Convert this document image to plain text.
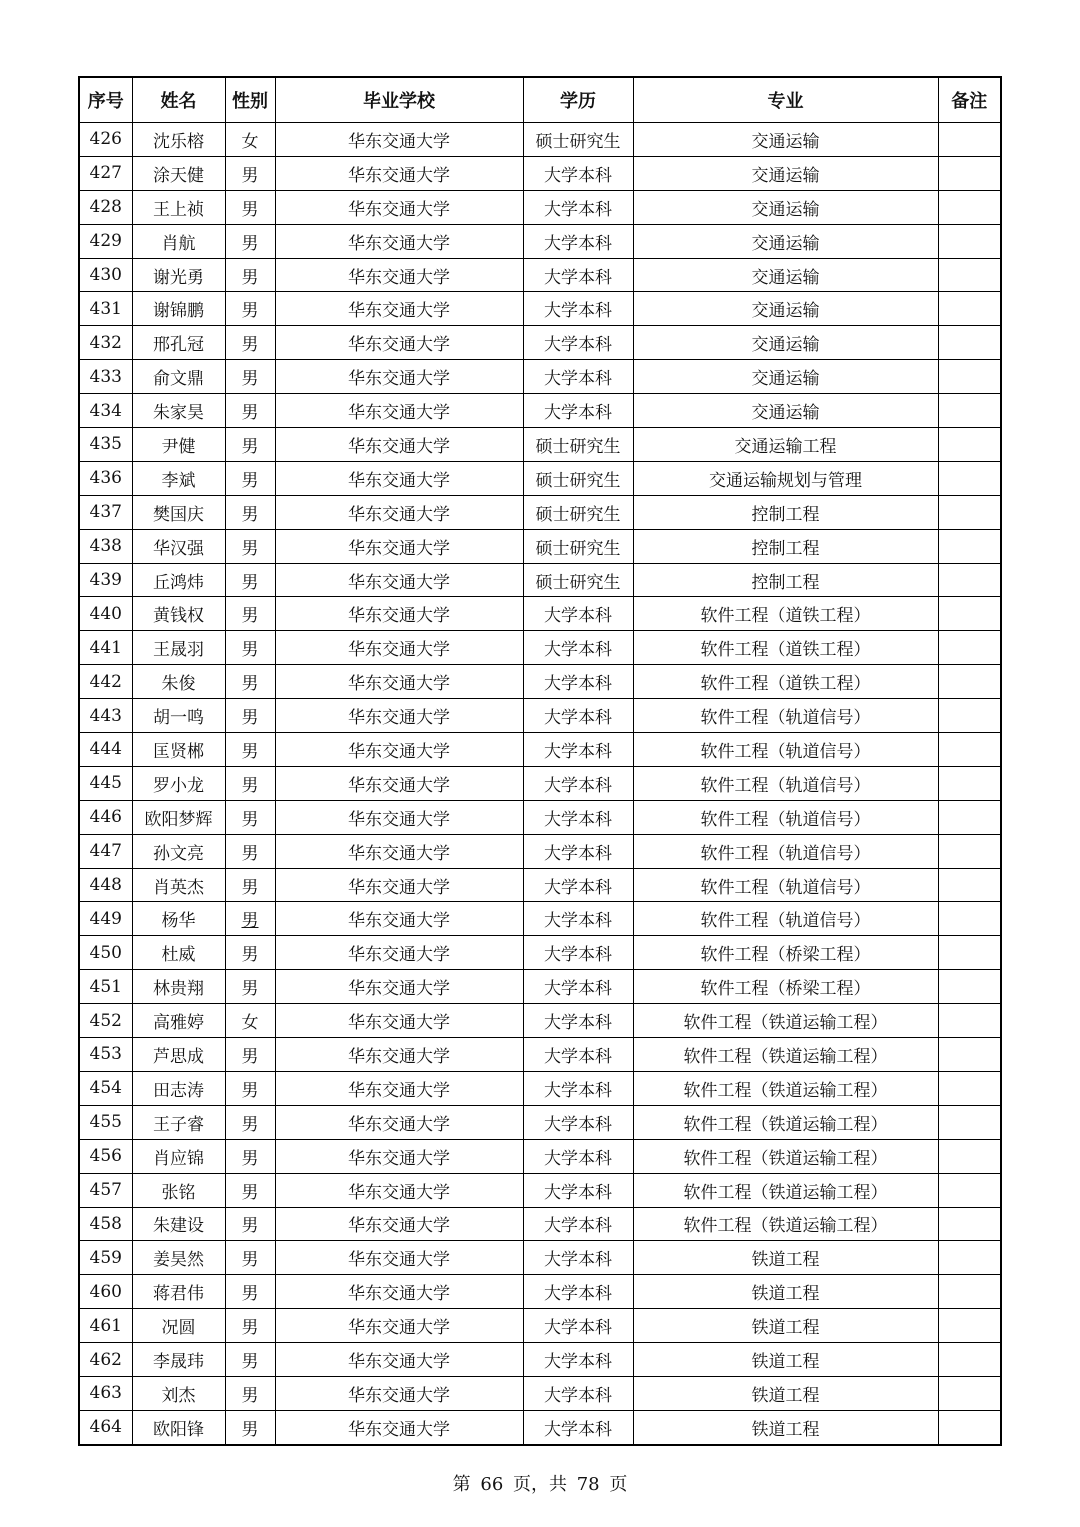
序号	姓名	性别	毕业学校	学历	专业	备注
426	沈乐榕	女	华东交通大学	硕士研究生	交通运输	
427	涂天健	男	华东交通大学	大学本科	交通运输	
428	王上祯	男	华东交通大学	大学本科	交通运输	
429	肖航	男	华东交通大学	大学本科	交通运输	
430	谢光勇	男	华东交通大学	大学本科	交通运输	
431	谢锦鹏	男	华东交通大学	大学本科	交通运输	
432	邢孔冠	男	华东交通大学	大学本科	交通运输	
433	俞文鼎	男	华东交通大学	大学本科	交通运输	
434	朱家昊	男	华东交通大学	大学本科	交通运输	
435	尹健	男	华东交通大学	硕士研究生	交通运输工程	
436	李斌	男	华东交通大学	硕士研究生	交通运输规划与管理	
437	樊国庆	男	华东交通大学	硕士研究生	控制工程	
438	华汉强	男	华东交通大学	硕士研究生	控制工程	
439	丘鸿炜	男	华东交通大学	硕士研究生	控制工程	
440	黄钱权	男	华东交通大学	大学本科	软件工程（道铁工程）	
441	王晟羽	男	华东交通大学	大学本科	软件工程（道铁工程）	
442	朱俊	男	华东交通大学	大学本科	软件工程（道铁工程）	
443	胡一鸣	男	华东交通大学	大学本科	软件工程（轨道信号）	
444	匡贤郴	男	华东交通大学	大学本科	软件工程（轨道信号）	
445	罗小龙	男	华东交通大学	大学本科	软件工程（轨道信号）	
446	欧阳梦辉	男	华东交通大学	大学本科	软件工程（轨道信号）	
447	孙文亮	男	华东交通大学	大学本科	软件工程（轨道信号）	
448	肖英杰	男	华东交通大学	大学本科	软件工程（轨道信号）	
449	杨华	男	华东交通大学	大学本科	软件工程（轨道信号）	
450	杜威	男	华东交通大学	大学本科	软件工程（桥梁工程）	
451	林贵翔	男	华东交通大学	大学本科	软件工程（桥梁工程）	
452	高雅婷	女	华东交通大学	大学本科	软件工程（铁道运输工程）	
453	芦思成	男	华东交通大学	大学本科	软件工程（铁道运输工程）	
454	田志涛	男	华东交通大学	大学本科	软件工程（铁道运输工程）	
455	王子睿	男	华东交通大学	大学本科	软件工程（铁道运输工程）	
456	肖应锦	男	华东交通大学	大学本科	软件工程（铁道运输工程）	
457	张铭	男	华东交通大学	大学本科	软件工程（铁道运输工程）	
458	朱建设	男	华东交通大学	大学本科	软件工程（铁道运输工程）	
459	姜昊然	男	华东交通大学	大学本科	铁道工程	
460	蒋君伟	男	华东交通大学	大学本科	铁道工程	
461	况圆	男	华东交通大学	大学本科	铁道工程	
462	李晟玮	男	华东交通大学	大学本科	铁道工程	
463	刘杰	男	华东交通大学	大学本科	铁道工程	
464	欧阳锋	男	华东交通大学	大学本科	铁道工程	
第 66 页，共 78 页
